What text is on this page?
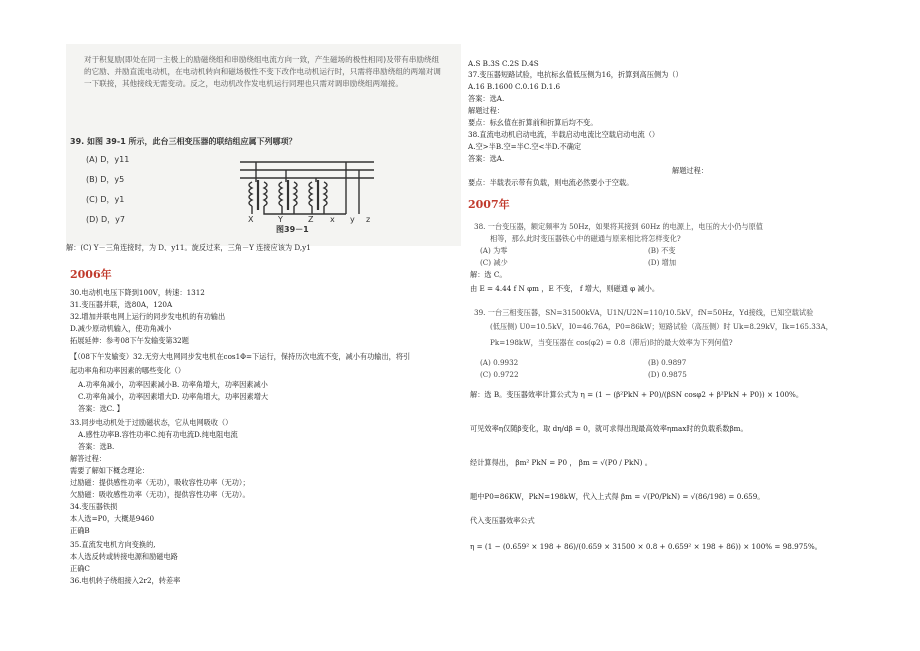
对于积复励(即处在同一主极上的励磁绕组和串励绕组电流方向一致，产生磁场的极性相同)及带有串励绕组的它励、并励直流电动机，在电动机转向和磁场极性不变下改作电动机运行时，只需将串励绕组的两端对调一下联接，其他接线无需变动。反之，电动机改作发电机运行同理也只需对调串励绕组两端接。
39. 如图 39-1 所示，此台三相变压器的联结组应属下列哪项？
(A) D，y11
(B) D，y5
(C) D，y1
(D) D，y7	X	Y	Z x y z
图39－1
解：(C) Y－三角连接时，为 D、y11。旋反过来，三角－Y 连接应该为 D,y1
2006年
30.电动机电压下降到100V，转速：1312
31.变压器并联，选80A，120A
32.增加并联电网上运行的同步发电机的有功输出
D.减少原动机输入，使功角减小
拓展延伸：参考08下午发输变第32题
【（08下午发输变）32.无穷大电网同步发电机在cos1Φ=下运行，保持历次电流不变，减小有功输出，将引
起功率角和功率因素的哪些变化（）
A.功率角减小，功率因素减小B. 功率角增大，功率因素减小
C.功率角减小，功率因素增大D. 功率角增大，功率因素增大
答案：选C. 】
33.同步电动机处于过励磁状态，它从电网吸收（）
A.感性功率B.容性功率C.纯有功电流D.纯电阻电流
答案：选B.
解答过程：
需要了解如下概念理论：
过励磁：提供感性功率（无功），吸收容性功率（无功）；
欠励磁：吸收感性功率（无功），提供容性功率（无功）。
34.变压器铁损
本人选=P0，大概是9460
正确B
35.直流发电机方向变换的,
本人选反转或转接电源和励磁电路
正确C
36.电机转子绕组接入2r2，转差率
A.S B.3S C.2S D.4S
37.变压器短路试验，电抗标幺值低压侧为16，折算到高压侧为（）
A.16 B.1600 C.0.16 D.1.6
答案：选A.
解题过程：
要点：标幺值在折算前和折算后均不变。
38.直流电动机启动电流，半载启动电流比空载启动电流（）
A.空>半B.空=半C.空<半D.不确定
答案：选A.
解题过程：
要点：半载表示带有负载，则电流必然要小于空载。
2007年
38. 一台变压器，额定频率为 50Hz，如果将其接到 60Hz 的电源上，电压的大小仍与原值
相等，那么此时变压器铁心中的磁通与原来相比将怎样变化?
(A) 为零	(B) 不变
(C) 减少	(D) 增加
解：选 C。
由 E = 4.44 f N φm ，E 不变， f 增大，则磁通 φ 减小。
39. 一台三相变压器，SN=31500kVA，U1N/U2N=110/10.5kV，fN=50Hz，Yd接线，已知空载试验
(低压侧) U0=10.5kV，I0=46.76A，P0=86kW；短路试验（高压侧）时 Uk=8.29kV，Ik=165.33A，
Pk=198kW，当变压器在 cos(φ2) = 0.8（滞后)时的最大效率为下列何值?
(A) 0.9932	(B) 0.9897
(C) 0.9722	(D) 0.9875
解：选 B。变压器效率计算公式为 η = (1 − (β²PkN + P0)/(βSN cosφ2 + β²PkN + P0)) × 100%。
可见效率η仅随β变化，取 dη/dβ = 0，就可求得出现最高效率ηmax时的负载系数βm。
经计算得出， βm² PkN = P0 ， βm = √(P0 / PkN) 。
题中P0=86KW，PkN=198kW，代入上式得 βm = √(P0/PkN) = √(86/198) = 0.659。
代入变压器效率公式
η = (1 − (0.659² × 198 + 86)/(0.659 × 31500 × 0.8 + 0.659² × 198 + 86)) × 100% = 98.975%。
